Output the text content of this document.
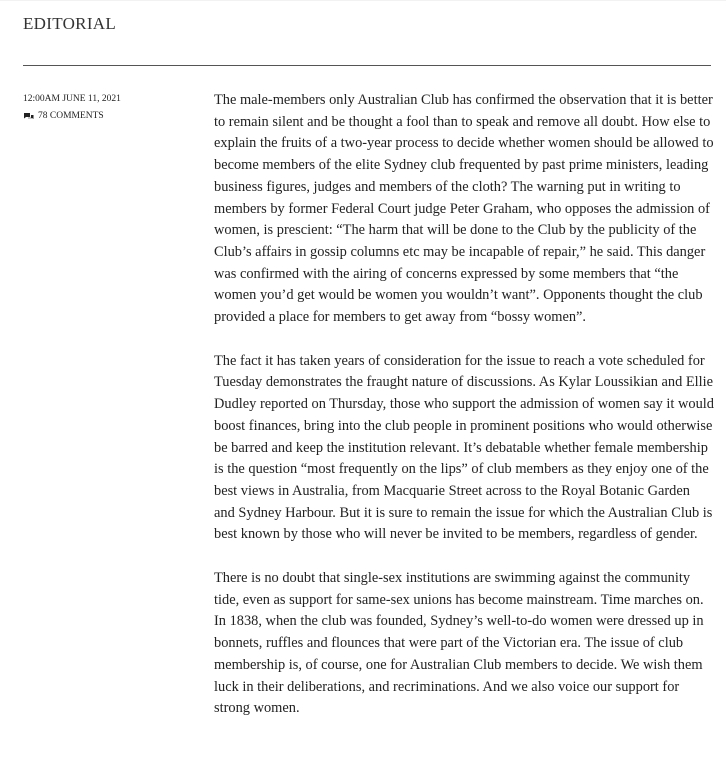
EDITORIAL
12:00AM JUNE 11, 2021
78 COMMENTS

The male-members only Australian Club has confirmed the observation that it is better to remain silent and be thought a fool than to speak and remove all doubt. How else to explain the fruits of a two-year process to decide whether women should be allowed to become members of the elite Sydney club frequented by past prime ministers, leading business figures, judges and members of the cloth? The warning put in writing to members by former Federal Court judge Peter Graham, who opposes the admission of women, is prescient: “The harm that will be done to the Club by the publicity of the Club’s affairs in gossip columns etc may be incapable of repair,” he said. This danger was confirmed with the airing of concerns expressed by some members that “the women you’d get would be women you wouldn’t want”. Opponents thought the club provided a place for members to get away from “bossy women”.

The fact it has taken years of consideration for the issue to reach a vote scheduled for Tuesday demonstrates the fraught nature of discussions. As Kylar Loussikian and Ellie Dudley reported on Thursday, those who support the admission of women say it would boost finances, bring into the club people in prominent positions who would otherwise be barred and keep the institution relevant. It’s debatable whether female membership is the question “most frequently on the lips” of club members as they enjoy one of the best views in Australia, from Macquarie Street across to the Royal Botanic Garden and Sydney Harbour. But it is sure to remain the issue for which the Australian Club is best known by those who will never be invited to be members, regardless of gender.

There is no doubt that single-sex institutions are swimming against the community tide, even as support for same-sex unions has become mainstream. Time marches on. In 1838, when the club was founded, Sydney’s well-to-do women were dressed up in bonnets, ruffles and flounces that were part of the Victorian era. The issue of club membership is, of course, one for Australian Club members to decide. We wish them luck in their deliberations, and recriminations. And we also voice our support for strong women.
